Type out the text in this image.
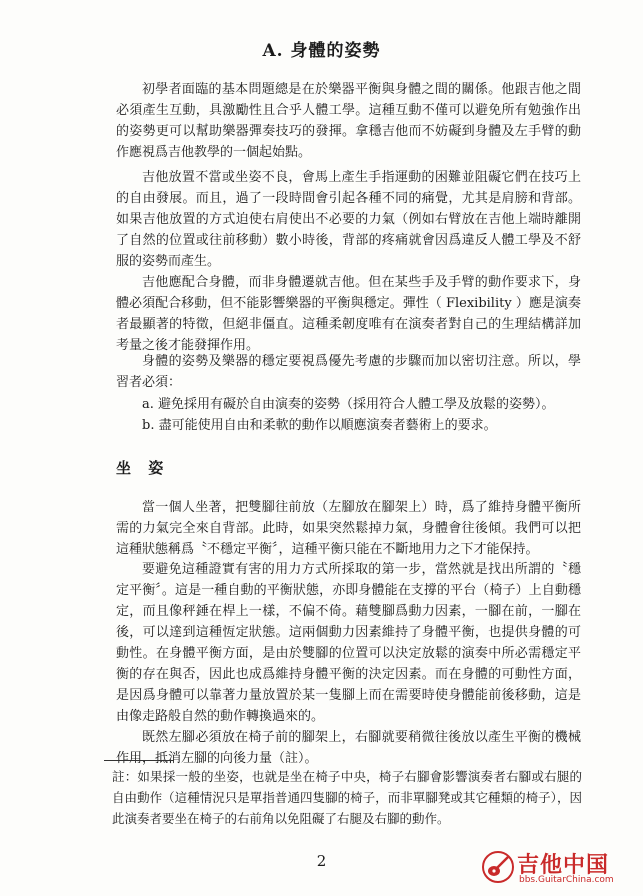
A. 身體的姿勢

初學者面臨的基本問題總是在於樂器平衡與身體之間的關係。他跟吉他之間必須產生互動，具激勵性且合乎人體工學。這種互動不僅可以避免所有勉強作出的姿勢更可以幫助樂器彈奏技巧的發揮。拿穩吉他而不妨礙到身體及左手臂的動作應視爲吉他教學的一個起始點。

吉他放置不當或坐姿不良，會馬上產生手指運動的困難並阻礙它們在技巧上的自由發展。而且，過了一段時間會引起各種不同的痛覺，尤其是肩膀和背部。如果吉他放置的方式迫使右肩使出不必要的力氣（例如右臂放在吉他上端時離開了自然的位置或往前移動）數小時後，背部的疼痛就會因爲違反人體工學及不舒服的姿勢而產生。

吉他應配合身體，而非身體遷就吉他。但在某些手及手臂的動作要求下，身體必須配合移動，但不能影響樂器的平衡與穩定。彈性（ Flexibility ）應是演奏者最顯著的特徵，但絕非僵直。這種柔韌度唯有在演奏者對自己的生理結構詳加考量之後才能發揮作用。

身體的姿勢及樂器的穩定要視爲優先考慮的步驟而加以密切注意。所以，學習者必須：

a. 避免採用有礙於自由演奏的姿勢（採用符合人體工學及放鬆的姿勢）。

b. 盡可能使用自由和柔軟的動作以順應演奏者藝術上的要求。

坐 姿

當一個人坐著，把雙腳往前放（左腳放在腳架上）時，爲了維持身體平衡所需的力氣完全來自背部。此時，如果突然鬆掉力氣，身體會往後傾。我們可以把這種狀態稱爲〝不穩定平衡〞，這種平衡只能在不斷地用力之下才能保持。

要避免這種證實有害的用力方式所採取的第一步，當然就是找出所謂的〝穩定平衡〞。這是一種自動的平衡狀態，亦即身體能在支撐的平台（椅子）上自動穩定，而且像秤錘在桿上一樣，不偏不倚。藉雙腳爲動力因素，一腳在前，一腳在後，可以達到這種恆定狀態。這兩個動力因素維持了身體平衡，也提供身體的可動性。在身體平衡方面，是由於雙腳的位置可以決定放鬆的演奏中所必需穩定平衡的存在與否，因此也成爲維持身體平衡的決定因素。而在身體的可動性方面，是因爲身體可以靠著力量放置於某一隻腳上而在需要時使身體能前後移動，這是由像走路般自然的動作轉換過來的。

既然左腳必須放在椅子前的腳架上，右腳就要稍微往後放以產生平衡的機械作用，抵消左腳的向後力量（註）。

註：如果採一般的坐姿，也就是坐在椅子中央，椅子右腳會影響演奏者右腳或右腿的自由動作（這種情況只是單指普通四隻腳的椅子，而非單腳凳或其它種類的椅子），因此演奏者要坐在椅子的右前角以免阻礙了右腿及右腳的動作。

2	吉他中国
bbs.GuitarChina.com
